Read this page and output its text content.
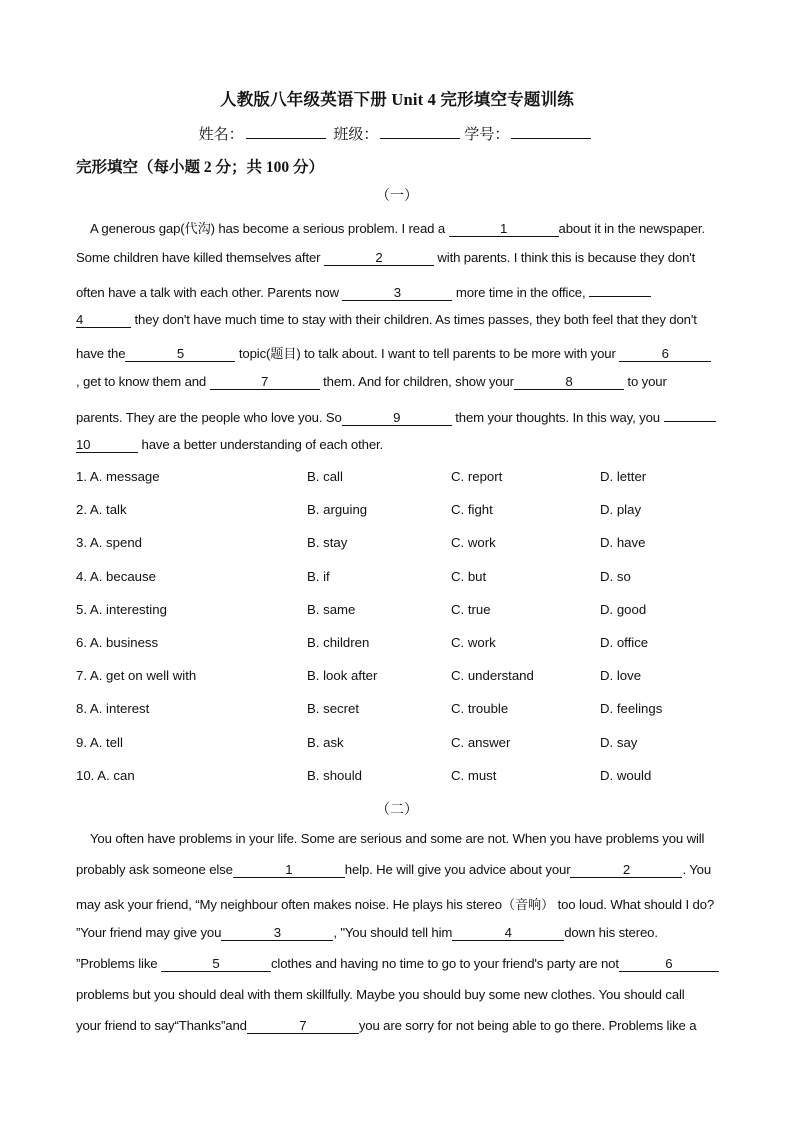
人教版八年级英语下册 Unit 4 完形填空专题训练
姓名：	班级：	学号：
完形填空（每小题 2 分；共 100 分）
（一）
A generous gap(代沟) has become a serious problem. I read a	1	about it in the newspaper.
Some children have killed themselves after	2	with parents. I think this is because they don't
often have a talk with each other. Parents now	3	more time in the office,
4	they don't have much time to stay with their children. As times passes, they both feel that they don't
have the	5	topic(题目) to talk about. I want to tell parents to be more with your	6
, get to know them and	7	them. And for children, show your	8	to your
parents. They are the people who love you. So	9	them your thoughts. In this way, you
10	have a better understanding of each other.
1. A. message	B. call	C. report	D. letter
2. A. talk	B. arguing	C. fight	D. play
3. A. spend	B. stay	C. work	D. have
4. A. because	B. if	C. but	D. so
5. A. interesting	B. same	C. true	D. good
6. A. business	B. children	C. work	D. office
7. A. get on well with	B. look after	C. understand	D. love
8. A. interest	B. secret	C. trouble	D. feelings
9. A. tell	B. ask	C. answer	D. say
10. A. can	B. should	C. must	D. would
（二）
You often have problems in your life. Some are serious and some are not. When you have problems you will
probably ask someone else	1	help. He will give you advice about your	2	. You
may ask your friend, “My neighbour often makes noise. He plays his stereo（音响） too loud. What should I do?
”Your friend may give you	3	, "You should tell him	4	down his stereo.
”Problems like	5	clothes and having no time to go to your friend's party are not	6
problems but you should deal with them skillfully. Maybe you should buy some new clothes. You should call
your friend to say“Thanks”and	7	you are sorry for not being able to go there. Problems like a
